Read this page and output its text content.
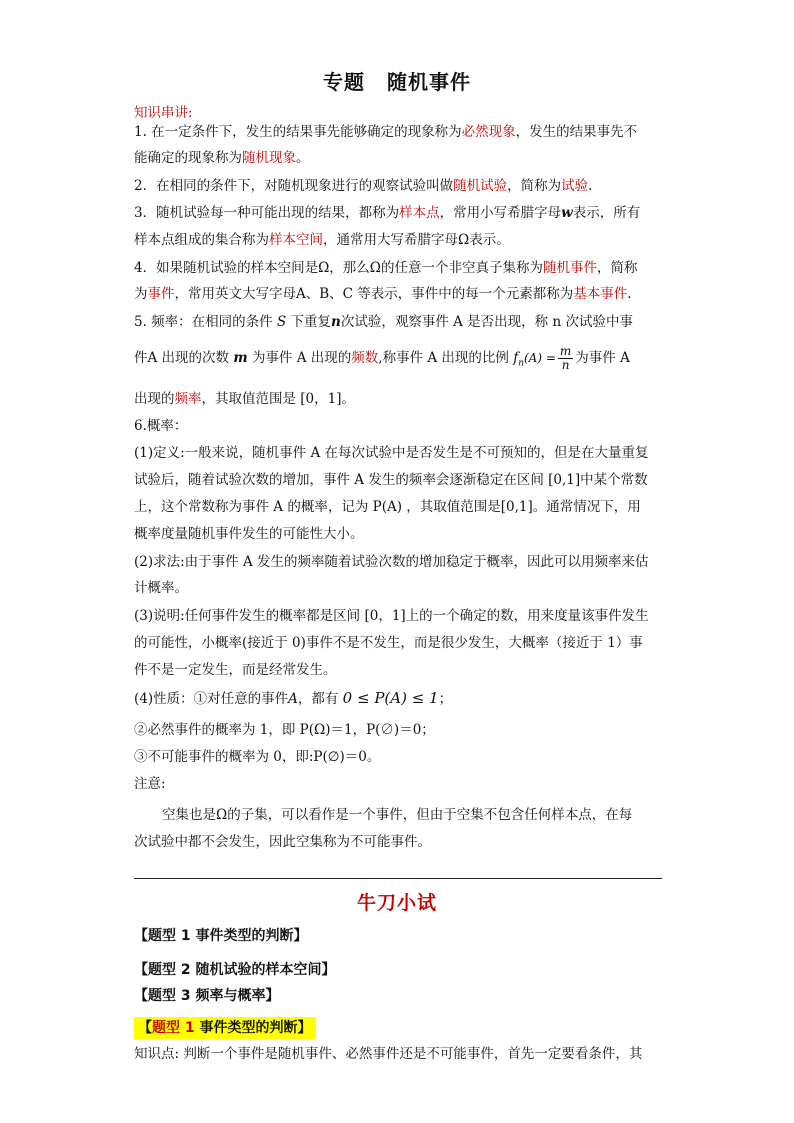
专题 随机事件
知识串讲:
1. 在一定条件下，发生的结果事先能够确定的现象称为必然现象，发生的结果事先不
能确定的现象称为随机现象。
2．在相同的条件下，对随机现象进行的观察试验叫做随机试验，简称为试验.
3．随机试验每一种可能出现的结果，都称为样本点，常用小写希腊字母w表示，所有
样本点组成的集合称为样本空间，通常用大写希腊字母Ω表示。
4．如果随机试验的样本空间是Ω，那么Ω的任意一个非空真子集称为随机事件，简称
为事件，常用英文大写字母A、B、C 等表示，事件中的每一个元素都称为基本事件.
5. 频率：在相同的条件 S 下重复n次试验，观察事件 A 是否出现，称 n 次试验中事
件A 出现的次数 m 为事件 A 出现的频数,称事件 A 出现的比例 $f_n(A) = \frac{m}{n}$ 为事件 A
出现的频率，其取值范围是 [0，1]。
6.概率：
(1)定义:一般来说，随机事件 A 在每次试验中是否发生是不可预知的，但是在大量重复
试验后，随着试验次数的增加，事件 A 发生的频率会逐渐稳定在区间 [0,1]中某个常数
上，这个常数称为事件 A 的概率，记为 P(A) ，其取值范围是[0,1]。通常情况下，用
概率度量随机事件发生的可能性大小。
(2)求法:由于事件 A 发生的频率随着试验次数的增加稳定于概率，因此可以用频率来估
计概率。
(3)说明:任何事件发生的概率都是区间 [0，1]上的一个确定的数，用来度量该事件发生
的可能性，小概率(接近于 0)事件不是不发生，而是很少发生，大概率（接近于 1）事
件不是一定发生，而是经常发生。
(4)性质：①对任意的事件A，都有 0 ≤ P(A) ≤ 1；
②必然事件的概率为 1，即 P(Ω)＝1，P(∅)＝0；
③不可能事件的概率为 0，即:P(∅)＝0。
注意:
空集也是Ω的子集，可以看作是一个事件，但由于空集不包含任何样本点，在每
次试验中都不会发生，因此空集称为不可能事件。
牛刀小试
【题型 1 事件类型的判断】
【题型 2 随机试验的样本空间】
【题型 3 频率与概率】
【题型 1 事件类型的判断】
知识点: 判断一个事件是随机事件、必然事件还是不可能事件，首先一定要看条件，其
